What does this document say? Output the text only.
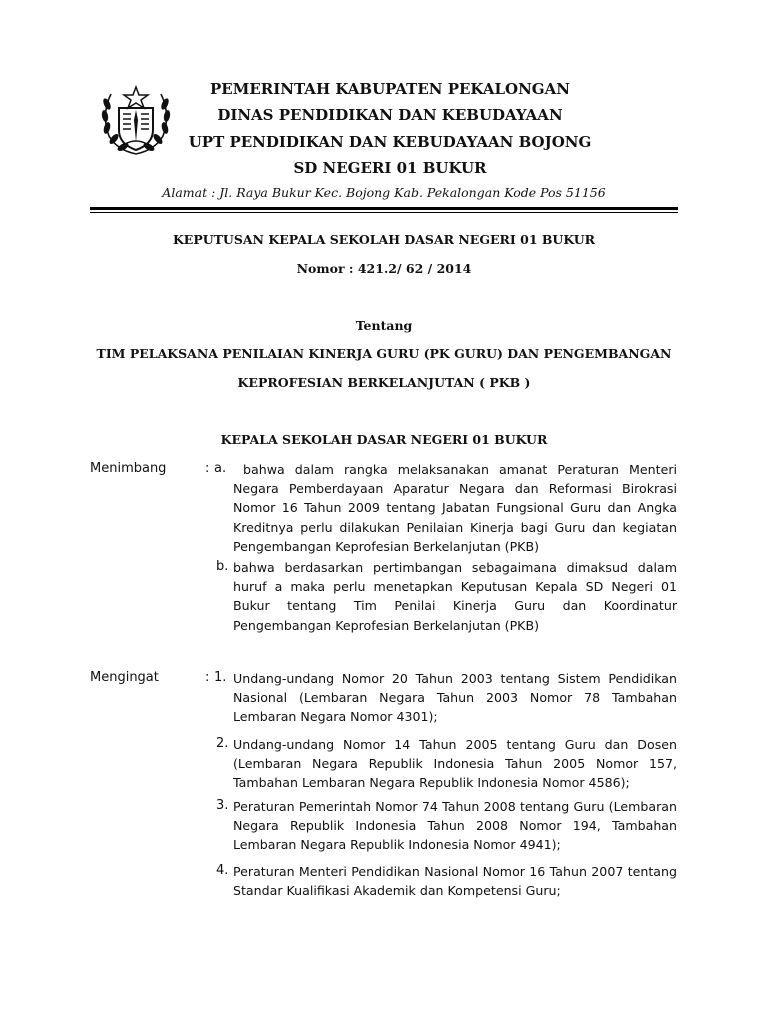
PEMERINTAH KABUPATEN PEKALONGAN
DINAS PENDIDIKAN DAN KEBUDAYAAN
UPT PENDIDIKAN DAN KEBUDAYAAN BOJONG
SD NEGERI 01 BUKUR
Alamat : Jl. Raya Bukur Kec. Bojong Kab. Pekalongan Kode Pos 51156
KEPUTUSAN KEPALA SEKOLAH DASAR NEGERI 01 BUKUR
Nomor : 421.2/ 62 / 2014
Tentang
TIM PELAKSANA PENILAIAN KINERJA GURU (PK GURU) DAN PENGEMBANGAN
KEPROFESIAN BERKELANJUTAN ( PKB )
KEPALA SEKOLAH DASAR NEGERI 01 BUKUR
Menimbang	: a.	bahwa dalam rangka melaksanakan amanat Peraturan Menteri Negara Pemberdayaan Aparatur Negara dan Reformasi Birokrasi Nomor 16 Tahun 2009 tentang Jabatan Fungsional Guru dan Angka Kreditnya perlu dilakukan Penilaian Kinerja bagi Guru dan kegiatan Pengembangan Keprofesian Berkelanjutan (PKB)
b. bahwa berdasarkan pertimbangan sebagaimana dimaksud dalam huruf a maka perlu menetapkan Keputusan Kepala SD Negeri 01 Bukur tentang Tim Penilai Kinerja Guru dan Koordinatur Pengembangan Keprofesian Berkelanjutan (PKB)
Mengingat	: 1. Undang-undang Nomor 20 Tahun 2003 tentang Sistem Pendidikan Nasional (Lembaran Negara Tahun 2003 Nomor 78 Tambahan Lembaran Negara Nomor 4301);
2. Undang-undang Nomor 14 Tahun 2005 tentang Guru dan Dosen (Lembaran Negara Republik Indonesia Tahun 2005 Nomor 157, Tambahan Lembaran Negara Republik Indonesia Nomor 4586);
3. Peraturan Pemerintah Nomor 74 Tahun 2008 tentang Guru (Lembaran Negara Republik Indonesia Tahun 2008 Nomor 194, Tambahan Lembaran Negara Republik Indonesia Nomor 4941);
4. Peraturan Menteri Pendidikan Nasional Nomor 16 Tahun 2007 tentang Standar Kualifikasi Akademik dan Kompetensi Guru;
